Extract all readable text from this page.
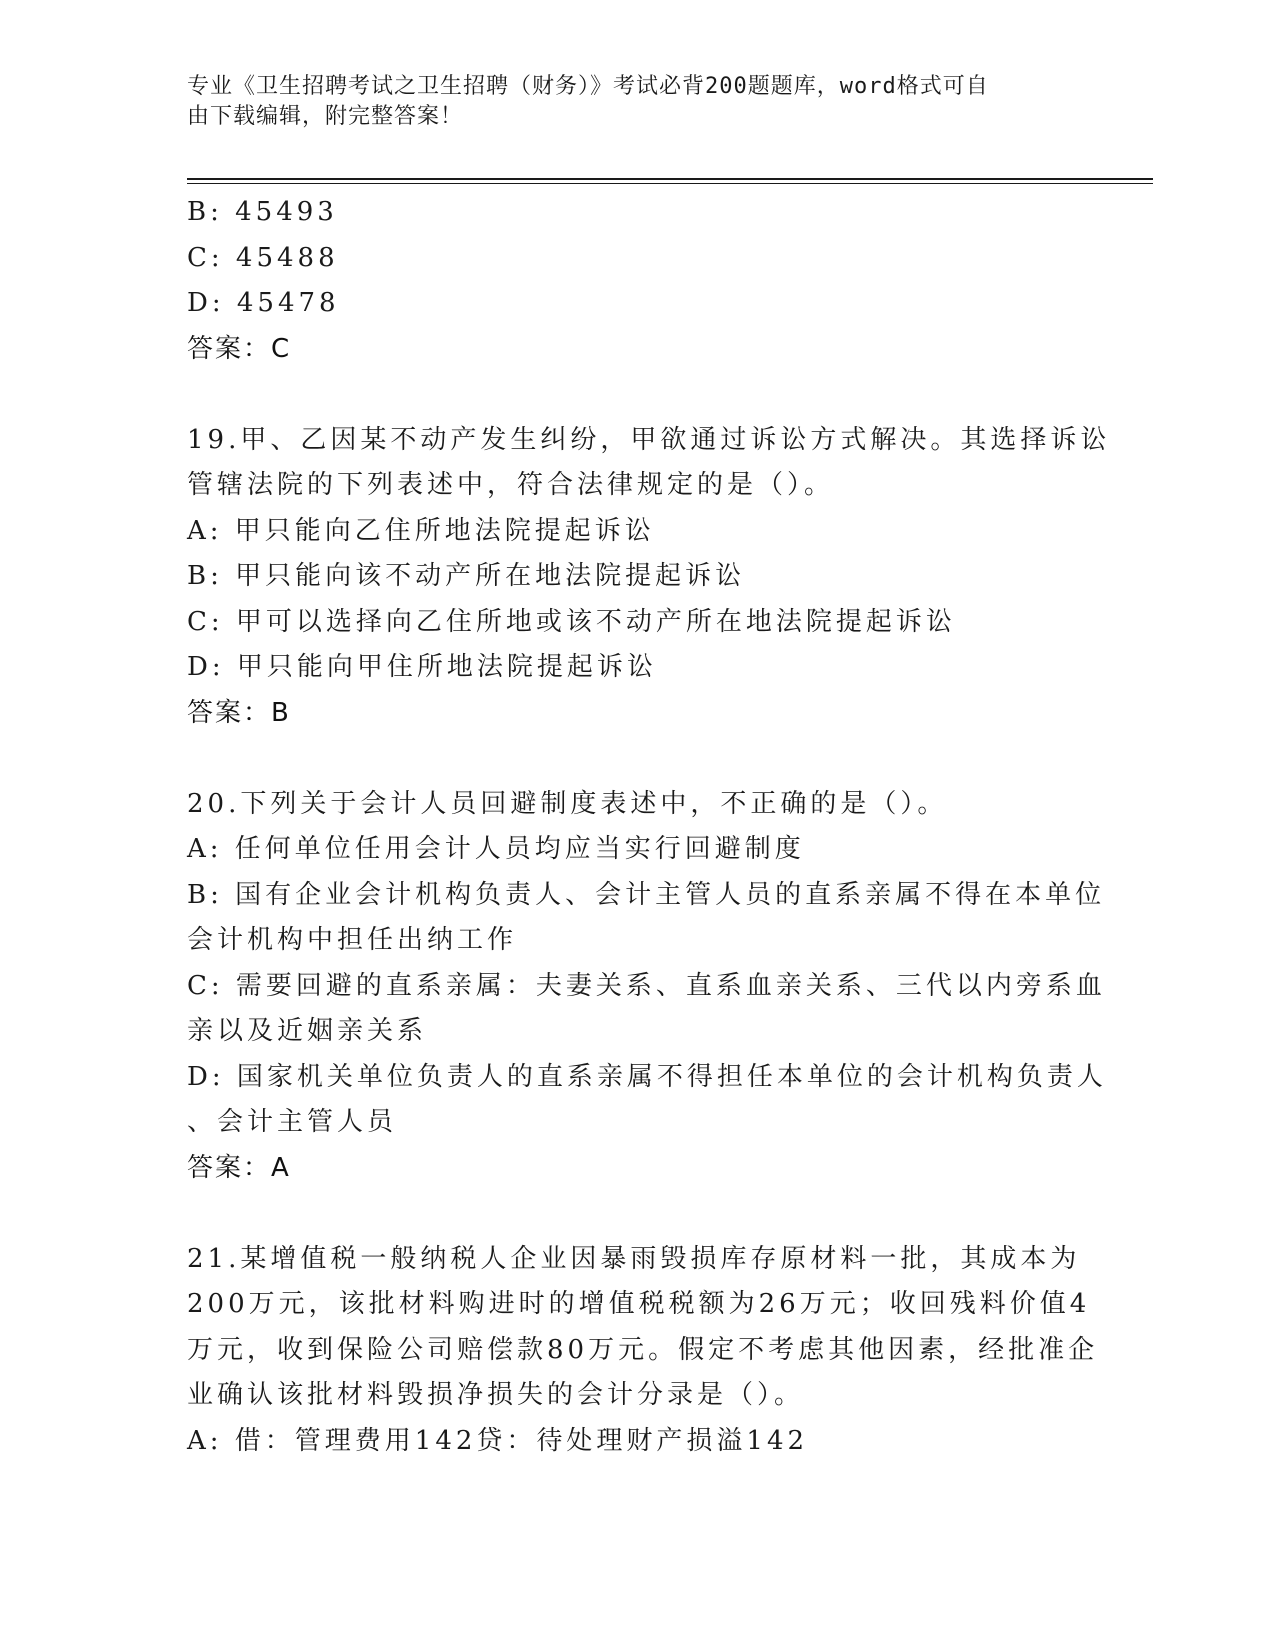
专业《卫生招聘考试之卫生招聘（财务）》考试必背200题题库，word格式可自
由下载编辑，附完整答案！
B: 45493
C: 45488
D: 45478
答案：C
19.甲、乙因某不动产发生纠纷，甲欲通过诉讼方式解决。其选择诉讼
管辖法院的下列表述中，符合法律规定的是（）。
A: 甲只能向乙住所地法院提起诉讼
B: 甲只能向该不动产所在地法院提起诉讼
C: 甲可以选择向乙住所地或该不动产所在地法院提起诉讼
D: 甲只能向甲住所地法院提起诉讼
答案：B
20.下列关于会计人员回避制度表述中，不正确的是（）。
A: 任何单位任用会计人员均应当实行回避制度
B: 国有企业会计机构负责人、会计主管人员的直系亲属不得在本单位
会计机构中担任出纳工作
C: 需要回避的直系亲属：夫妻关系、直系血亲关系、三代以内旁系血
亲以及近姻亲关系
D: 国家机关单位负责人的直系亲属不得担任本单位的会计机构负责人
、会计主管人员
答案：A
21.某增值税一般纳税人企业因暴雨毁损库存原材料一批，其成本为
200万元，该批材料购进时的增值税税额为26万元；收回残料价值4
万元，收到保险公司赔偿款80万元。假定不考虑其他因素，经批准企
业确认该批材料毁损净损失的会计分录是（）。
A: 借：管理费用142贷：待处理财产损溢142
